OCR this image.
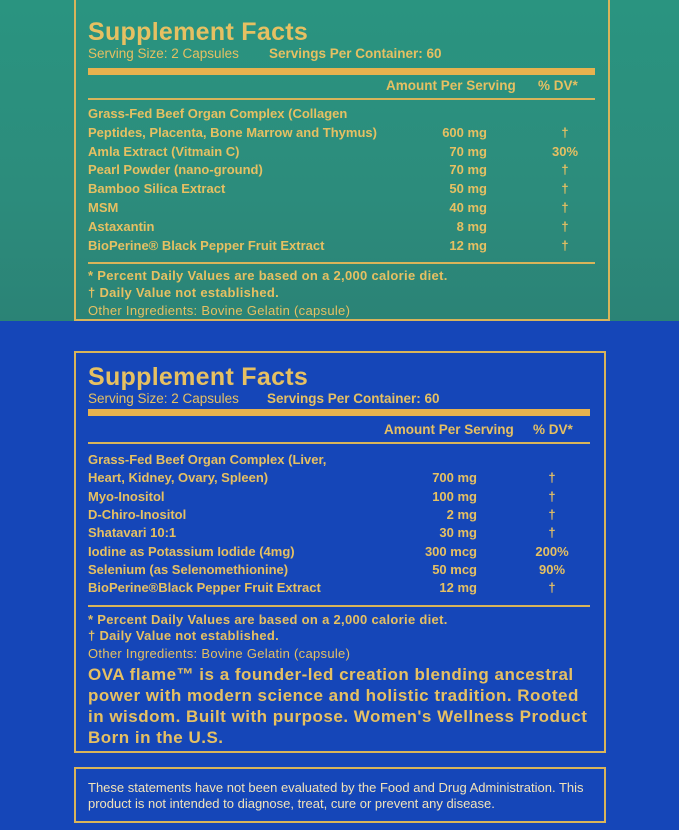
Supplement Facts
Serving Size: 2 Capsules Servings Per Container: 60
Amount Per Serving % DV*
Grass-Fed Beef Organ Complex (Collagen
Peptides, Placenta, Bone Marrow and Thymus)	600 mg	†
Amla Extract (Vitmain C)	70 mg	30%
Pearl Powder (nano-ground)	70 mg	†
Bamboo Silica Extract	50 mg	†
MSM	40 mg	†
Astaxantin	8 mg	†
BioPerine® Black Pepper Fruit Extract	12 mg	†
* Percent Daily Values are based on a 2,000 calorie diet.
† Daily Value not established.
Other Ingredients: Bovine Gelatin (capsule)
Supplement Facts
Serving Size: 2 Capsules Servings Per Container: 60
Amount Per Serving % DV*
Grass-Fed Beef Organ Complex (Liver,
Heart, Kidney, Ovary, Spleen)	700 mg	†
Myo-Inositol	100 mg	†
D-Chiro-Inositol	2 mg	†
Shatavari 10:1	30 mg	†
Iodine as Potassium Iodide (4mg)	300 mcg	200%
Selenium (as Selenomethionine)	50 mcg	90%
BioPerine®Black Pepper Fruit Extract	12 mg	†
* Percent Daily Values are based on a 2,000 calorie diet.
† Daily Value not established.
Other Ingredients: Bovine Gelatin (capsule)
OVA flame™ is a founder-led creation blending ancestral power with modern science and holistic tradition. Rooted in wisdom. Built with purpose. Women's Wellness Product Born in the U.S.
These statements have not been evaluated by the Food and Drug Administration. This product is not intended to diagnose, treat, cure or prevent any disease.
